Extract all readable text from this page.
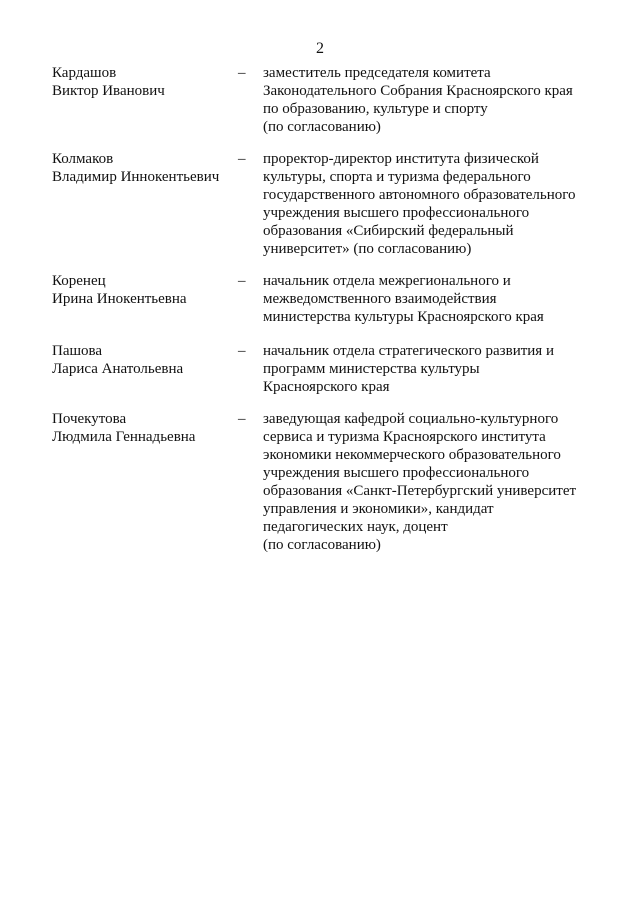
2
Кардашов
Виктор Иванович
–	заместитель председателя комитета
Законодательного Собрания Красноярского края
по образованию, культуре и спорту
(по согласованию)
Колмаков
Владимир Иннокентьевич
–	проректор-директор института физической
культуры, спорта и туризма федерального
государственного автономного образовательного
учреждения высшего профессионального
образования «Сибирский федеральный
университет» (по согласованию)
Коренец
Ирина Инокентьевна
–	начальник отдела межрегионального и
межведомственного взаимодействия
министерства культуры Красноярского края
Пашова
Лариса Анатольевна
–	начальник отдела стратегического развития и
программ министерства культуры
Красноярского края
Почекутова
Людмила Геннадьевна
–	заведующая кафедрой социально-культурного
сервиса и туризма Красноярского института
экономики некоммерческого образовательного
учреждения высшего профессионального
образования «Санкт-Петербургский университет
управления и экономики», кандидат
педагогических наук, доцент
(по согласованию)
